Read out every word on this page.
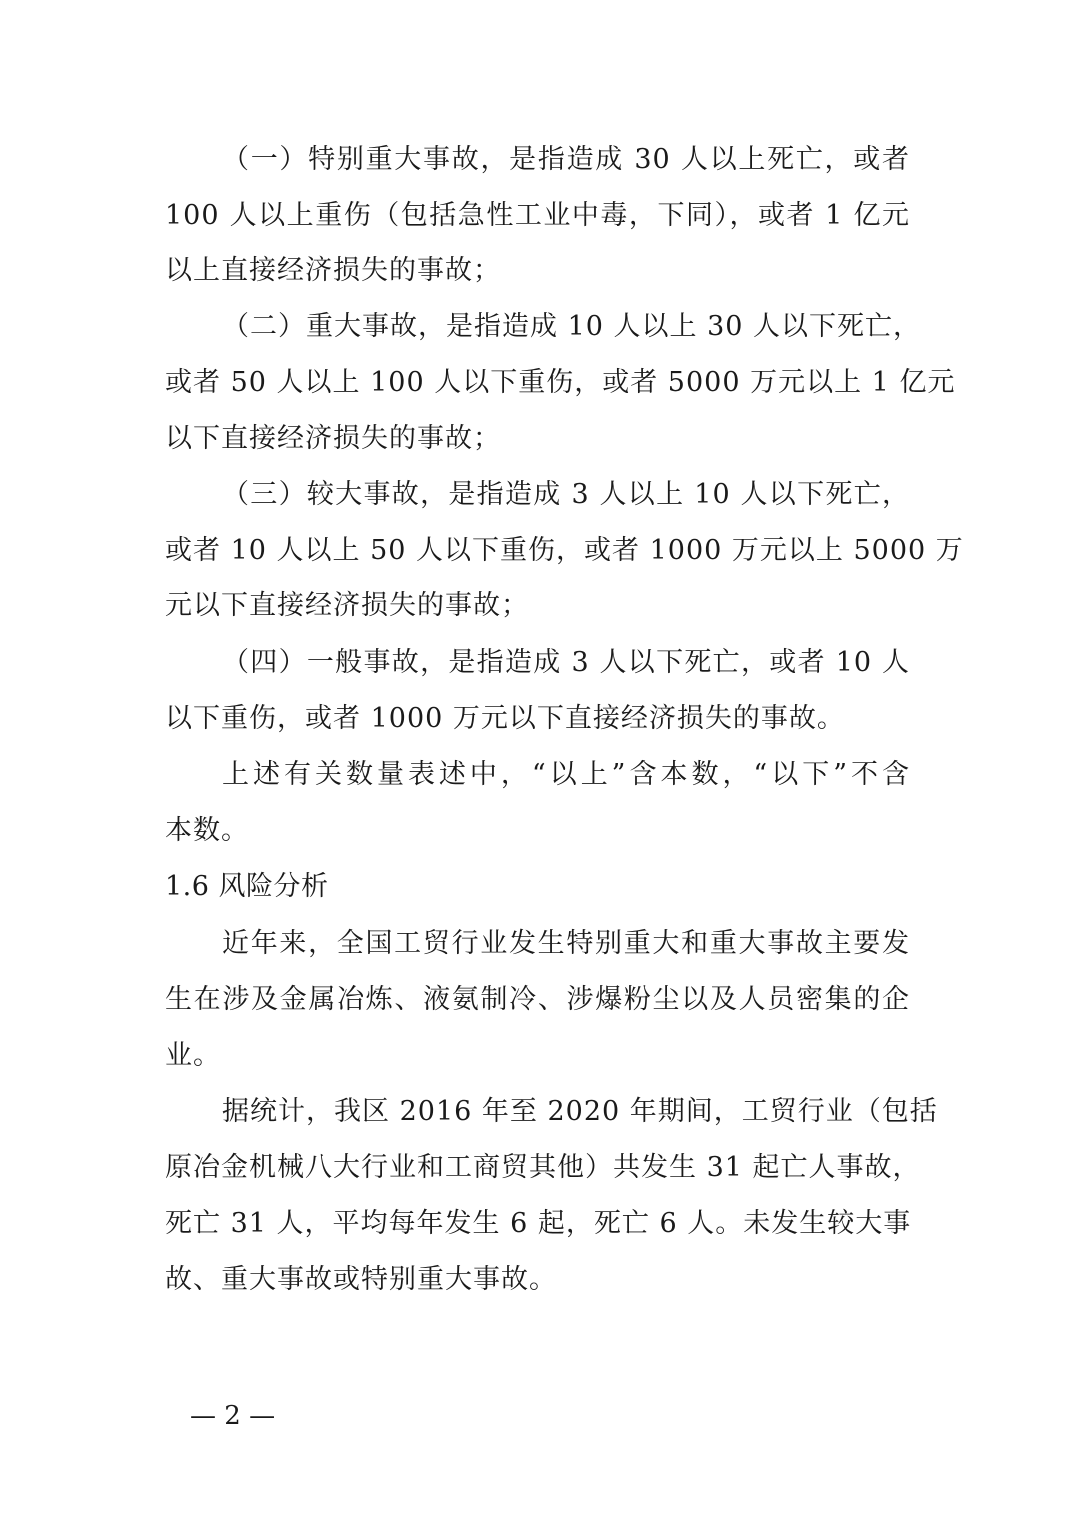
（一）特别重大事故，是指造成 30 人以上死亡，或者
100 人以上重伤（包括急性工业中毒，下同），或者 1 亿元
以上直接经济损失的事故；
（二）重大事故，是指造成 10 人以上 30 人以下死亡，
或者 50 人以上 100 人以下重伤，或者 5000 万元以上 1 亿元
以下直接经济损失的事故；
（三）较大事故，是指造成 3 人以上 10 人以下死亡，
或者 10 人以上 50 人以下重伤，或者 1000 万元以上 5000 万
元以下直接经济损失的事故；
（四）一般事故，是指造成 3 人以下死亡，或者 10 人
以下重伤，或者 1000 万元以下直接经济损失的事故。
上述有关数量表述中，“以上”含本数，“以下”不含
本数。
1.6 风险分析
近年来，全国工贸行业发生特别重大和重大事故主要发
生在涉及金属冶炼、液氨制冷、涉爆粉尘以及人员密集的企
业。
据统计，我区 2016 年至 2020 年期间，工贸行业（包括
原冶金机械八大行业和工商贸其他）共发生 31 起亡人事故，
死亡 31 人，平均每年发生 6 起，死亡 6 人。未发生较大事
故、重大事故或特别重大事故。
— 2 —
